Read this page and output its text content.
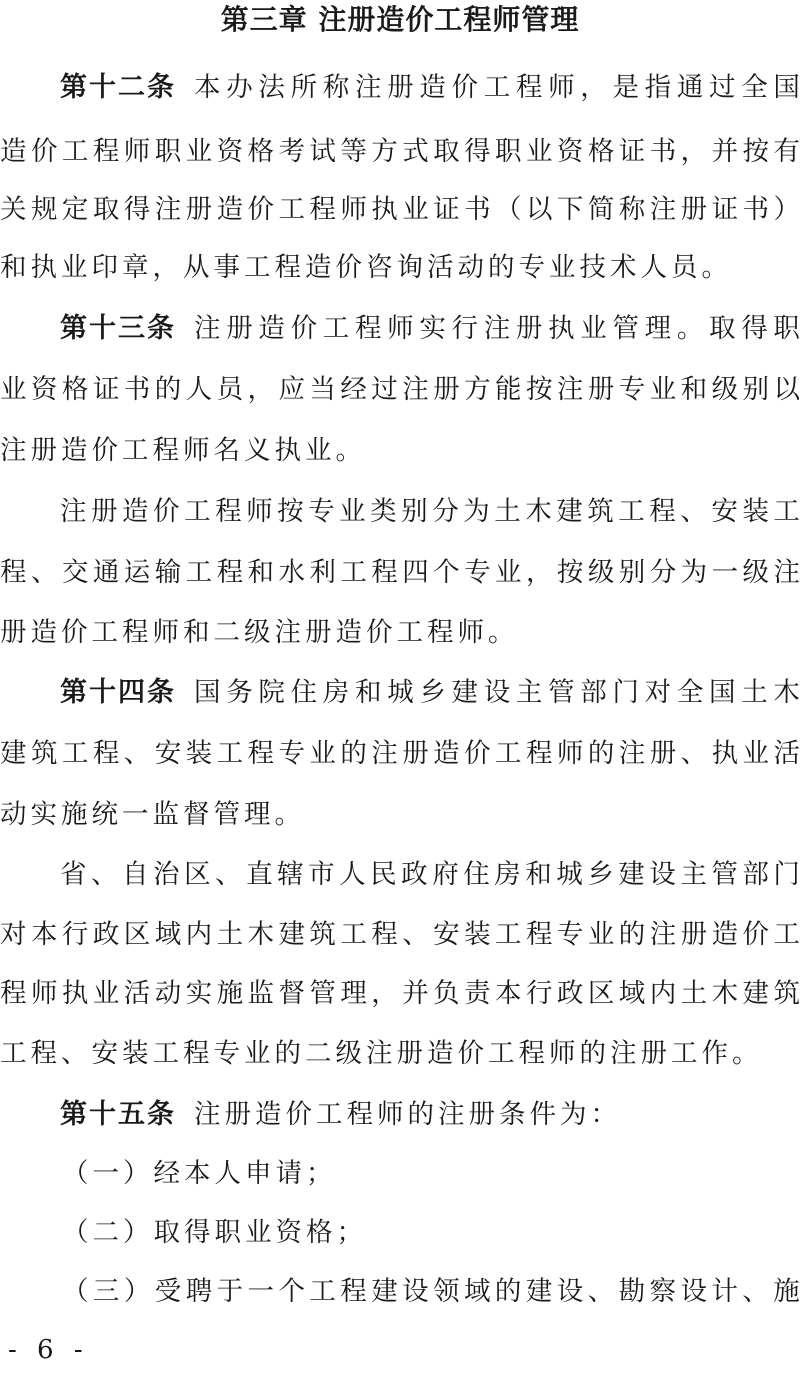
第三章 注册造价工程师管理
第十二条 本 办 法 所 称 注 册 造 价 工 程 师 ， 是 指 通 过 全 国
造 价 工 程 师 职 业 资 格 考 试 等 方 式 取 得 职 业 资 格 证 书 ， 并 按 有
关 规 定 取 得 注 册 造 价 工 程 师 执 业 证 书 （ 以 下 简 称 注 册 证 书 ）
和执业印章，从事工程造价咨询活动的专业技术人员。
第十三条 注 册 造 价 工 程 师 实 行 注 册 执 业 管 理 。 取 得 职
业 资 格 证 书 的 人 员 ， 应 当 经 过 注 册 方 能 按 注 册 专 业 和 级 别 以
注册造价工程师名义执业。
注 册 造 价 工 程 师 按 专 业 类 别 分 为 土 木 建 筑 工 程 、 安 装 工
程 、 交 通 运 输 工 程 和 水 利 工 程 四 个 专 业 ， 按 级 别 分 为 一 级 注
册造价工程师和二级注册造价工程师。
第十四条 国 务 院 住 房 和 城 乡 建 设 主 管 部 门 对 全 国 土 木
建 筑 工 程 、 安 装 工 程 专 业 的 注 册 造 价 工 程 师 的 注 册 、 执 业 活
动实施统一监督管理。
省 、 自 治 区 、 直 辖 市 人 民 政 府 住 房 和 城 乡 建 设 主 管 部 门
对 本 行 政 区 域 内 土 木 建 筑 工 程 、 安 装 工 程 专 业 的 注 册 造 价 工
程 师 执 业 活 动 实 施 监 督 管 理 ， 并 负 责 本 行 政 区 域 内 土 木 建 筑
工程、安装工程专业的二级注册造价工程师的注册工作。
第十五条 注册造价工程师的注册条件为：
（一）经本人申请；
（二）取得职业资格；
（ 三 ） 受 聘 于 一 个 工 程 建 设 领 域 的 建 设 、 勘 察 设 计 、 施
- 6 -
